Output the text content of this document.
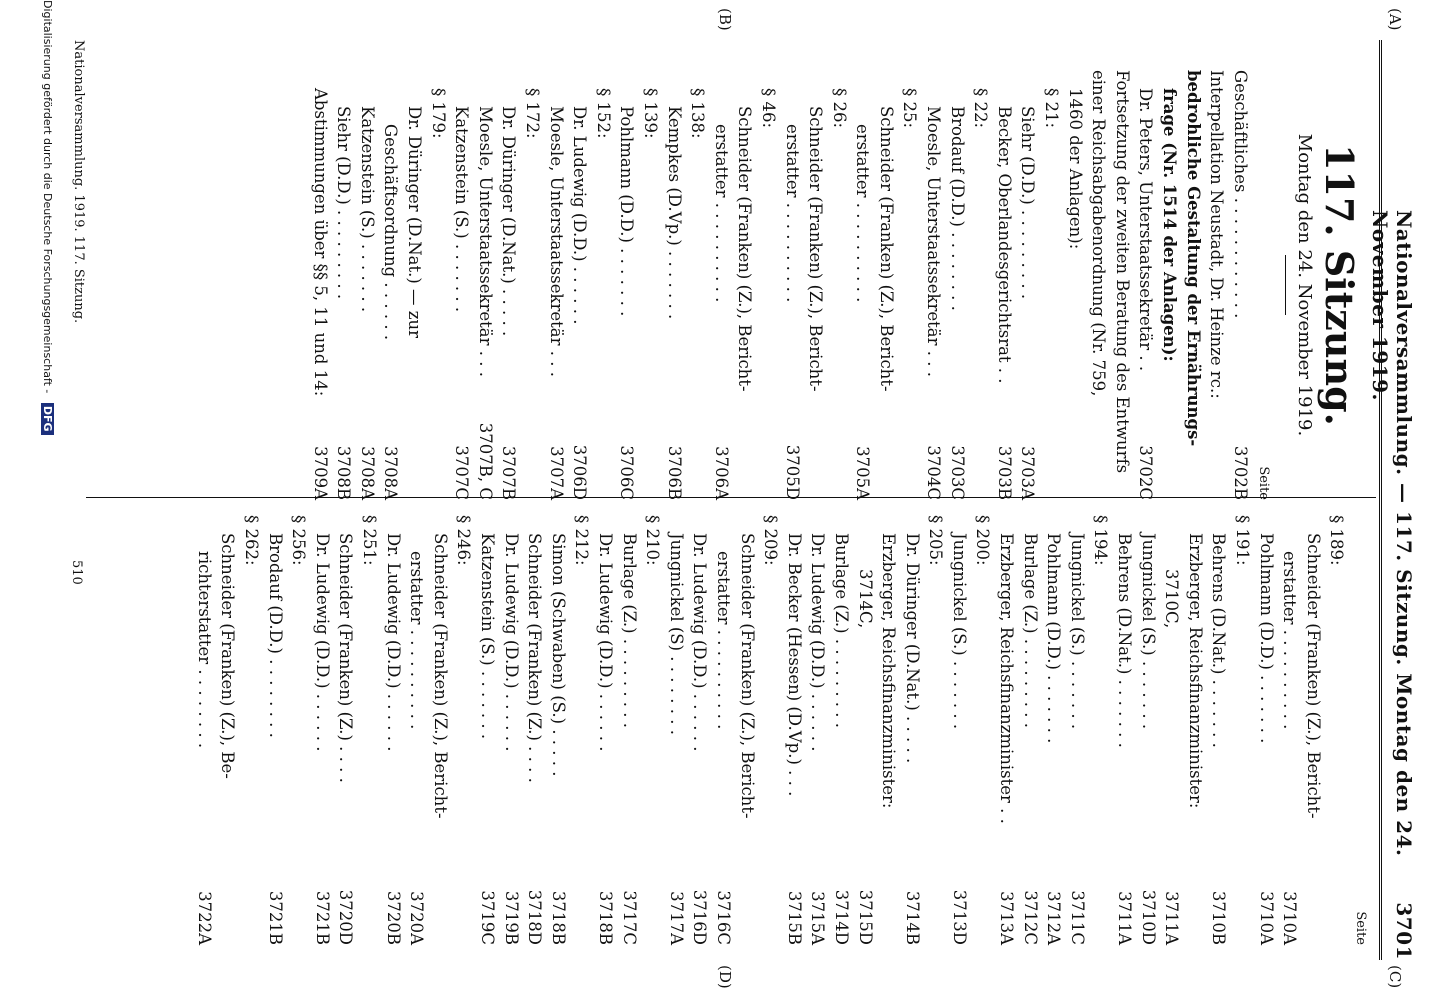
Nationalversammlung. — 117. Sitzung. Montag den 24. November 1919.
3701
(A)
(B)
(C)
(D)
117. Sitzung.
Montag den 24. November 1919.
Seite
Geschäftliches . . . . . . . . . . . .
3702B
Interpellation Neustadt, Dr. Heinze rc.:
bedrohliche Gestaltung der Ernährungs-
frage (Nr. 1514 der Anlagen):
Dr. Peters, Unterstaatssekretär . .
3702C
Fortsetzung der zweiten Beratung des Entwurfs
einer Reichsabgabenordnung (Nr. 759,
1460 der Anlagen):
§ 21:
Siehr (D.D.) . . . . . . . . .
3703A
Becker, Oberlandesgerichtsrat . .
3703B
§ 22:
Brodauf (D.D.) . . . . . . . .
3703C
Moesle, Unterstaatssekretär . . .
3704C
§ 25:
Schneider (Franken) (Z.), Bericht-
erstatter . . . . . . . . . .
3705A
§ 26:
Schneider (Franken) (Z.), Bericht-
erstatter . . . . . . . . . .
3705D
§ 46:
Schneider (Franken) (Z.), Bericht-
erstatter . . . . . . . . . .
3706A
§ 138:
Kempkes (D.Vp.) . . . . . . .
3706B
§ 139:
Pohlmann (D.D.) . . . . . . .
3706C
§ 152:
Dr. Ludewig (D.D.) . . . . . .
3706D
Moesle, Unterstaatssekretär . . .
3707A
§ 172:
Dr. Düringer (D.Nat.) . . . . .
3707B
Moesle, Unterstaatssekretär . . .
3707B, C
Katzenstein (S.) . . . . . . .
3707C
§ 179:
Dr. Düringer (D.Nat.) — zur
Geschäftsordnung . . . . . .
3708A
Katzenstein (S.) . . . . . . .
3708A
Siehr (D.D.) . . . . . . . . .
3708B
Abstimmungen über §§ 5, 11 und 14:
3709A
Seite
§ 189:
Schneider (Franken) (Z.), Bericht-
erstatter . . . . . . . . . .
3710A
Pohlmann (D.D.) . . . . . . .
3710A
§ 191:
Behrens (D.Nat.) . . . . . . .
3710B
Erzberger, Reichsfinanzminister:
3710C,
3711A
Jungnickel (S.) . . . . . . .
3710D
Behrens (D.Nat.) . . . . . . .
3711A
§ 194:
Jungnickel (S.) . . . . . . .
3711C
Pohlmann (D.D.) . . . . . . .
3712A
Burlage (Z.) . . . . . . . . .
3712C
Erzberger, Reichsfinanzminister . .
3713A
§ 200:
Jungnickel (S.) . . . . . . .
3713D
§ 205:
Dr. Düringer (D.Nat.) . . . . .
3714B
Erzberger, Reichsfinanzminister:
3714C,
3715D
Burlage (Z.) . . . . . . . . .
3714D
Dr. Ludewig (D.D.) . . . . . .
3715A
Dr. Becker (Hessen) (D.Vp.) . . .
3715B
§ 209:
Schneider (Franken) (Z.), Bericht-
erstatter . . . . . . . . . .
3716C
Dr. Ludewig (D.D.) . . . . . .
3716D
Jungnickel (S) . . . . . . . .
3717A
§ 210:
Burlage (Z.) . . . . . . . . .
3717C
Dr. Ludewig (D.D.) . . . . . .
3718B
§ 212:
Simon (Schwaben) (S.) . . . . .
3718B
Schneider (Franken) (Z.) . . . .
3718D
Dr. Ludewig (D.D.) . . . . . .
3719B
Katzenstein (S.) . . . . . . .
3719C
§ 246:
Schneider (Franken) (Z.), Bericht-
erstatter . . . . . . . . . .
3720A
Dr. Ludewig (D.D.) . . . . . .
3720B
§ 251:
Schneider (Franken) (Z.) . . . .
3720D
Dr. Ludewig (D.D.) . . . . . .
3721B
§ 256:
Brodauf (D.D.) . . . . . . . .
3721B
§ 262:
Schneider (Franken) (Z.), Be-
richterstatter . . . . . . . .
3722A
Nationalversammlung. 1919. 117. Sitzung.
510
Digitalisierung gefördert durch die Deutsche Forschungsgemeinschaft - DFG
